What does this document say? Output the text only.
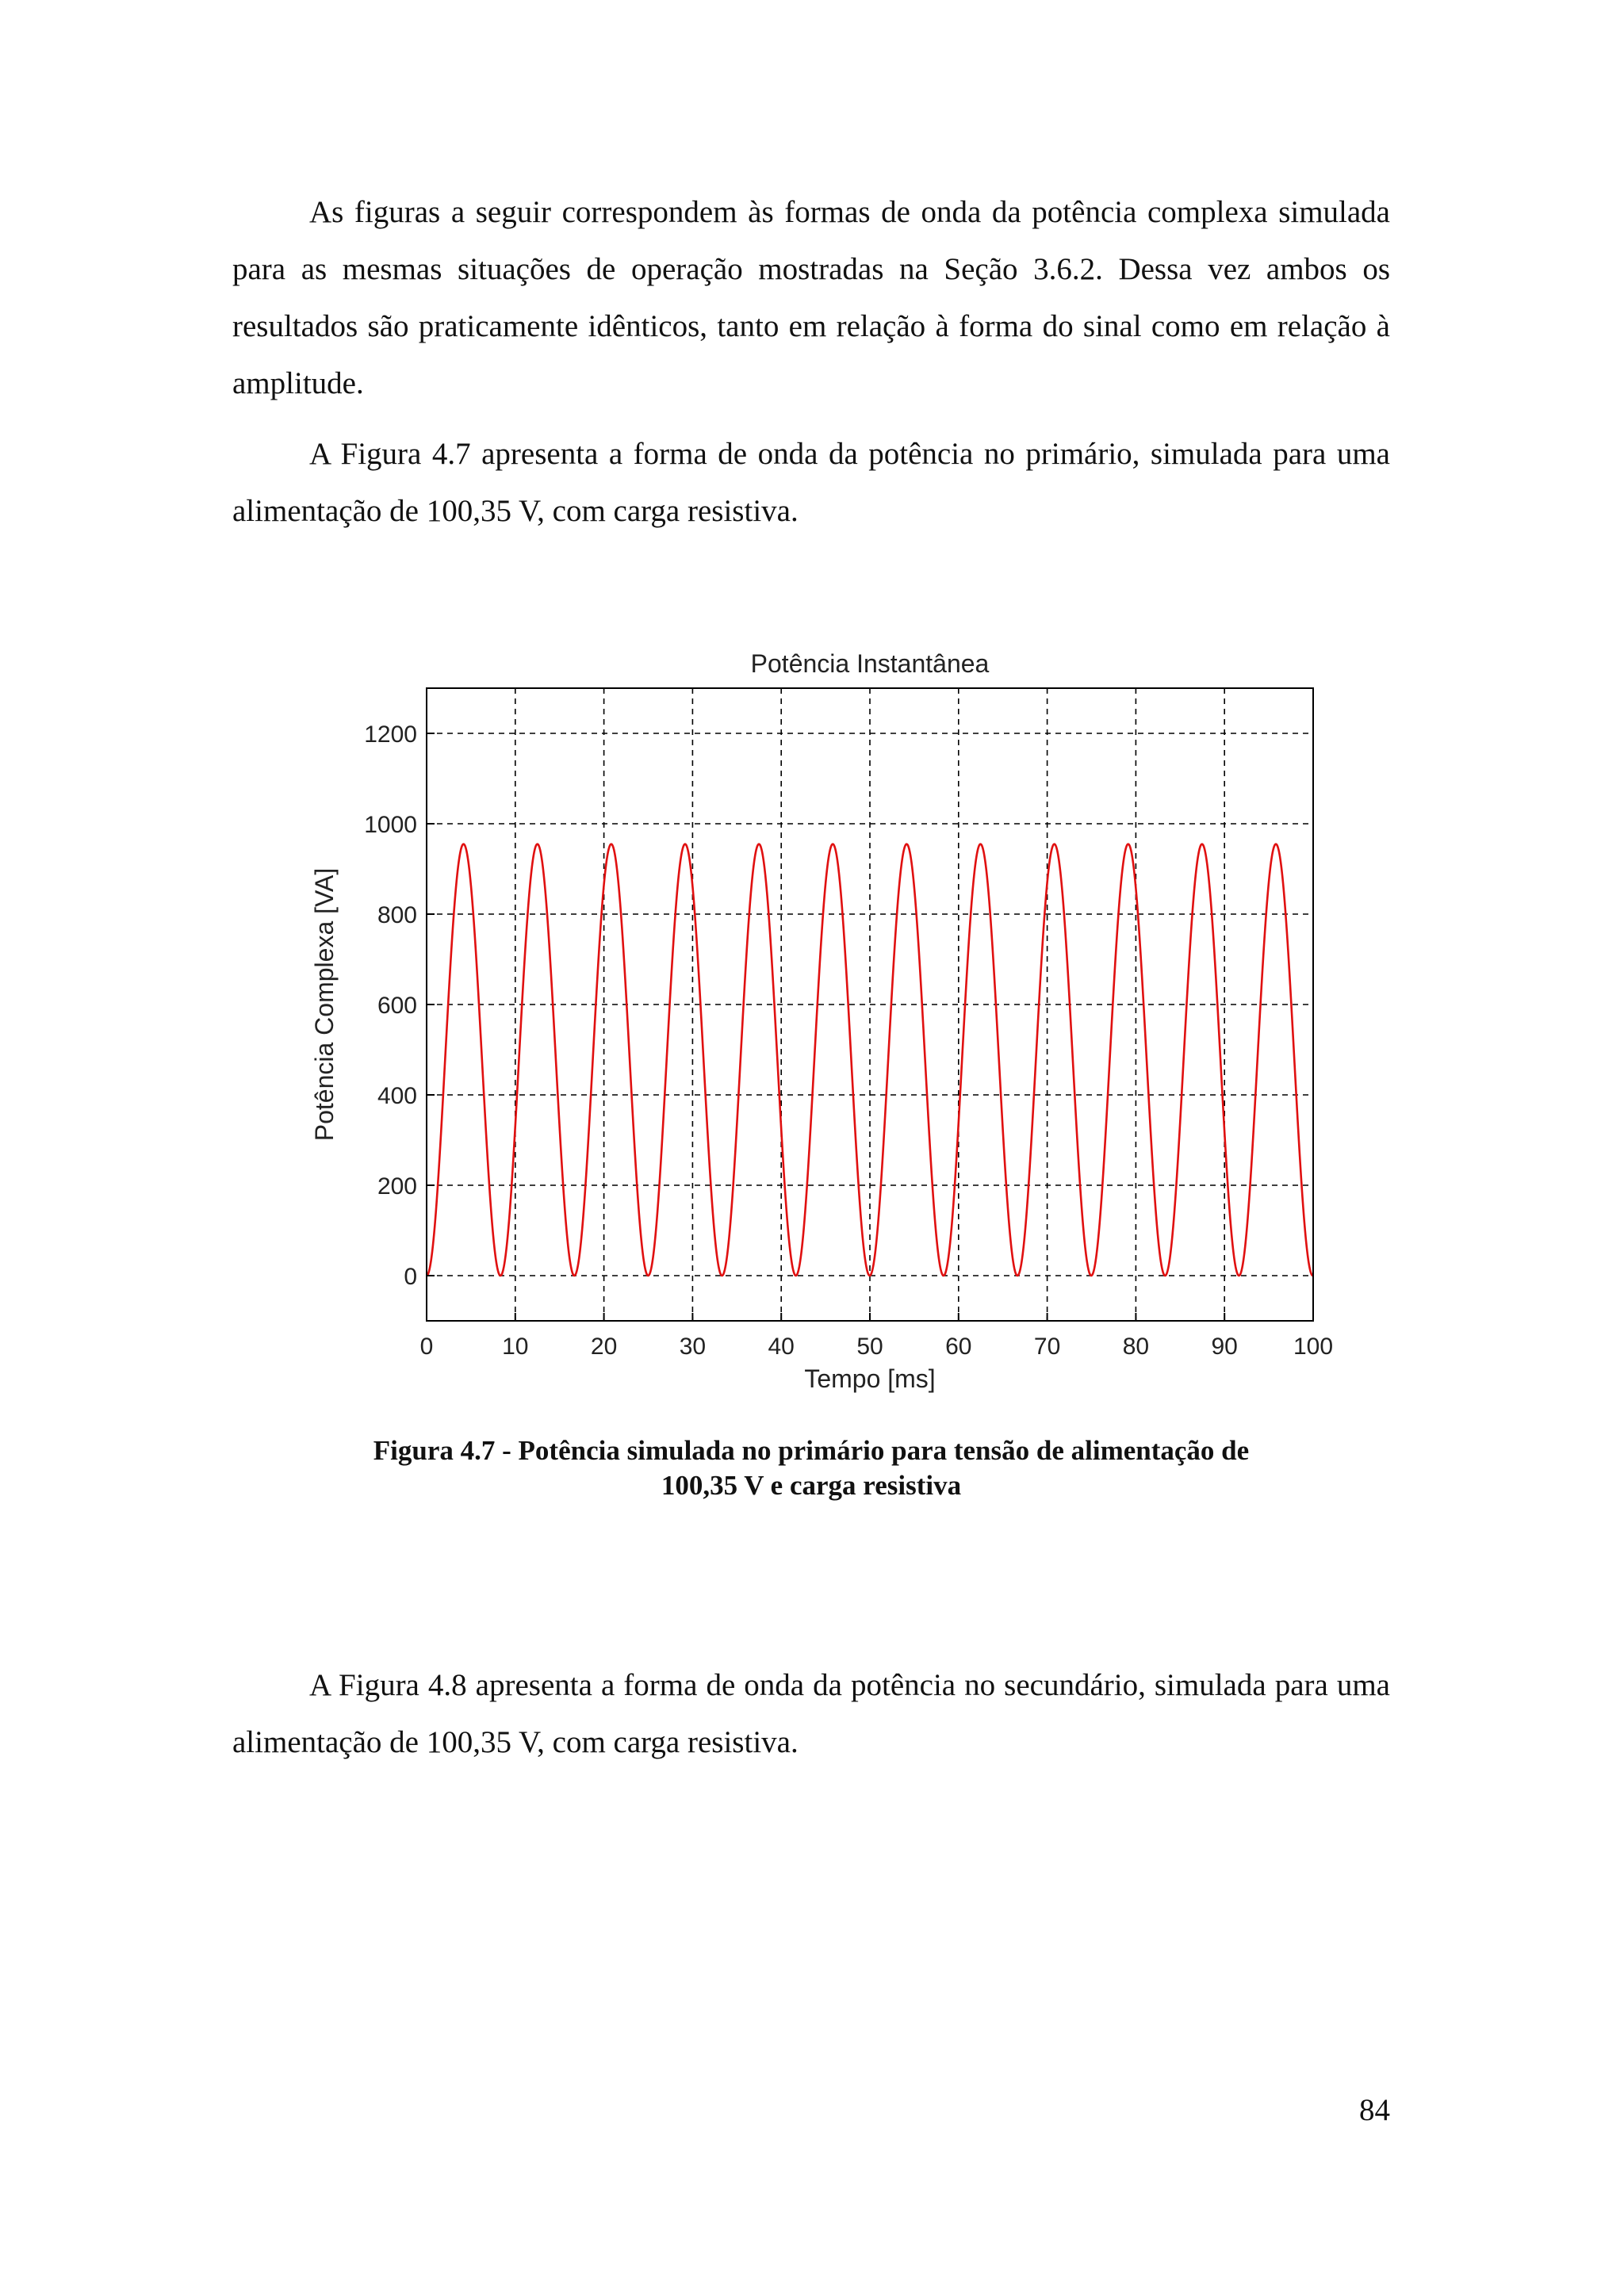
As figuras a seguir correspondem às formas de onda da potência complexa simulada para as mesmas situações de operação mostradas na Seção 3.6.2. Dessa vez ambos os resultados são praticamente idênticos, tanto em relação à forma do sinal como em relação à amplitude.

A Figura 4.7 apresenta a forma de onda da potência no primário, simulada para uma alimentação de 100,35 V, com carga resistiva.

0	10	20	30	40	50	60	70	80	90 100
0
200
400
600
800
1000
1200
Potência Instantânea
Tempo [ms]
Potência Complexa [VA]

Figura 4.7 - Potência simulada no primário para tensão de alimentação de
100,35 V e carga resistiva

A Figura 4.8 apresenta a forma de onda da potência no secundário, simulada para uma alimentação de 100,35 V, com carga resistiva.

84
